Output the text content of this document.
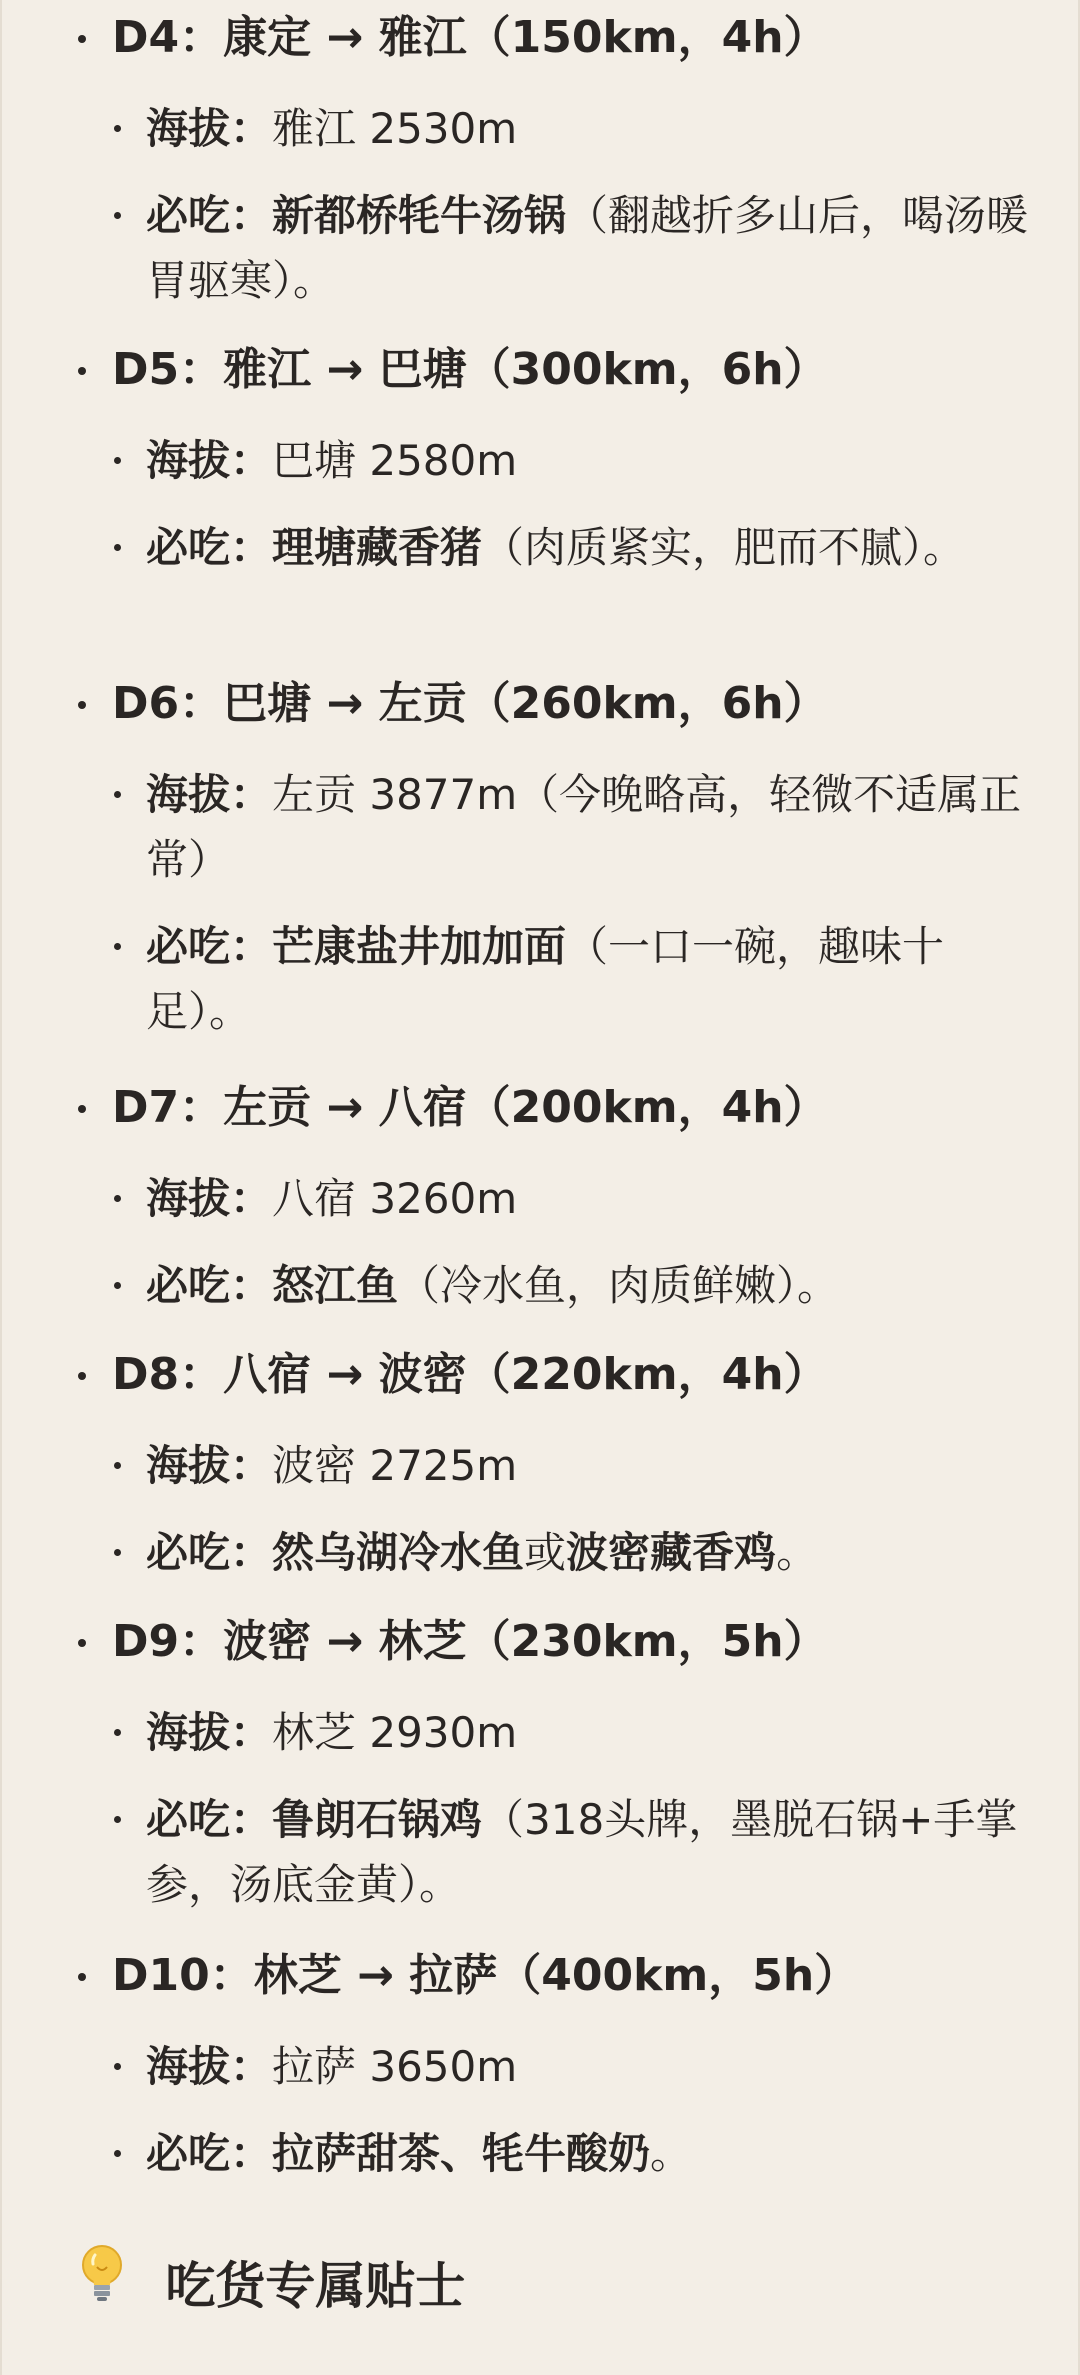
D4：康定 → 雅江（150km，4h）
海拔：雅江 2530m
必吃：新都桥牦牛汤锅（翻越折多山后，喝汤暖胃驱寒）。
D5：雅江 → 巴塘（300km，6h）
海拔：巴塘 2580m
必吃：理塘藏香猪（肉质紧实，肥而不腻）。
D6：巴塘 → 左贡（260km，6h）
海拔：左贡 3877m（今晚略高，轻微不适属正常）
必吃：芒康盐井加加面（一口一碗，趣味十足）。
D7：左贡 → 八宿（200km，4h）
海拔：八宿 3260m
必吃：怒江鱼（冷水鱼，肉质鲜嫩）。
D8：八宿 → 波密（220km，4h）
海拔：波密 2725m
必吃：然乌湖冷水鱼或波密藏香鸡。
D9：波密 → 林芝（230km，5h）
海拔：林芝 2930m
必吃：鲁朗石锅鸡（318头牌，墨脱石锅+手掌参，汤底金黄）。
D10：林芝 → 拉萨（400km，5h）
海拔：拉萨 3650m
必吃：拉萨甜茶、牦牛酸奶。
吃货专属贴士
